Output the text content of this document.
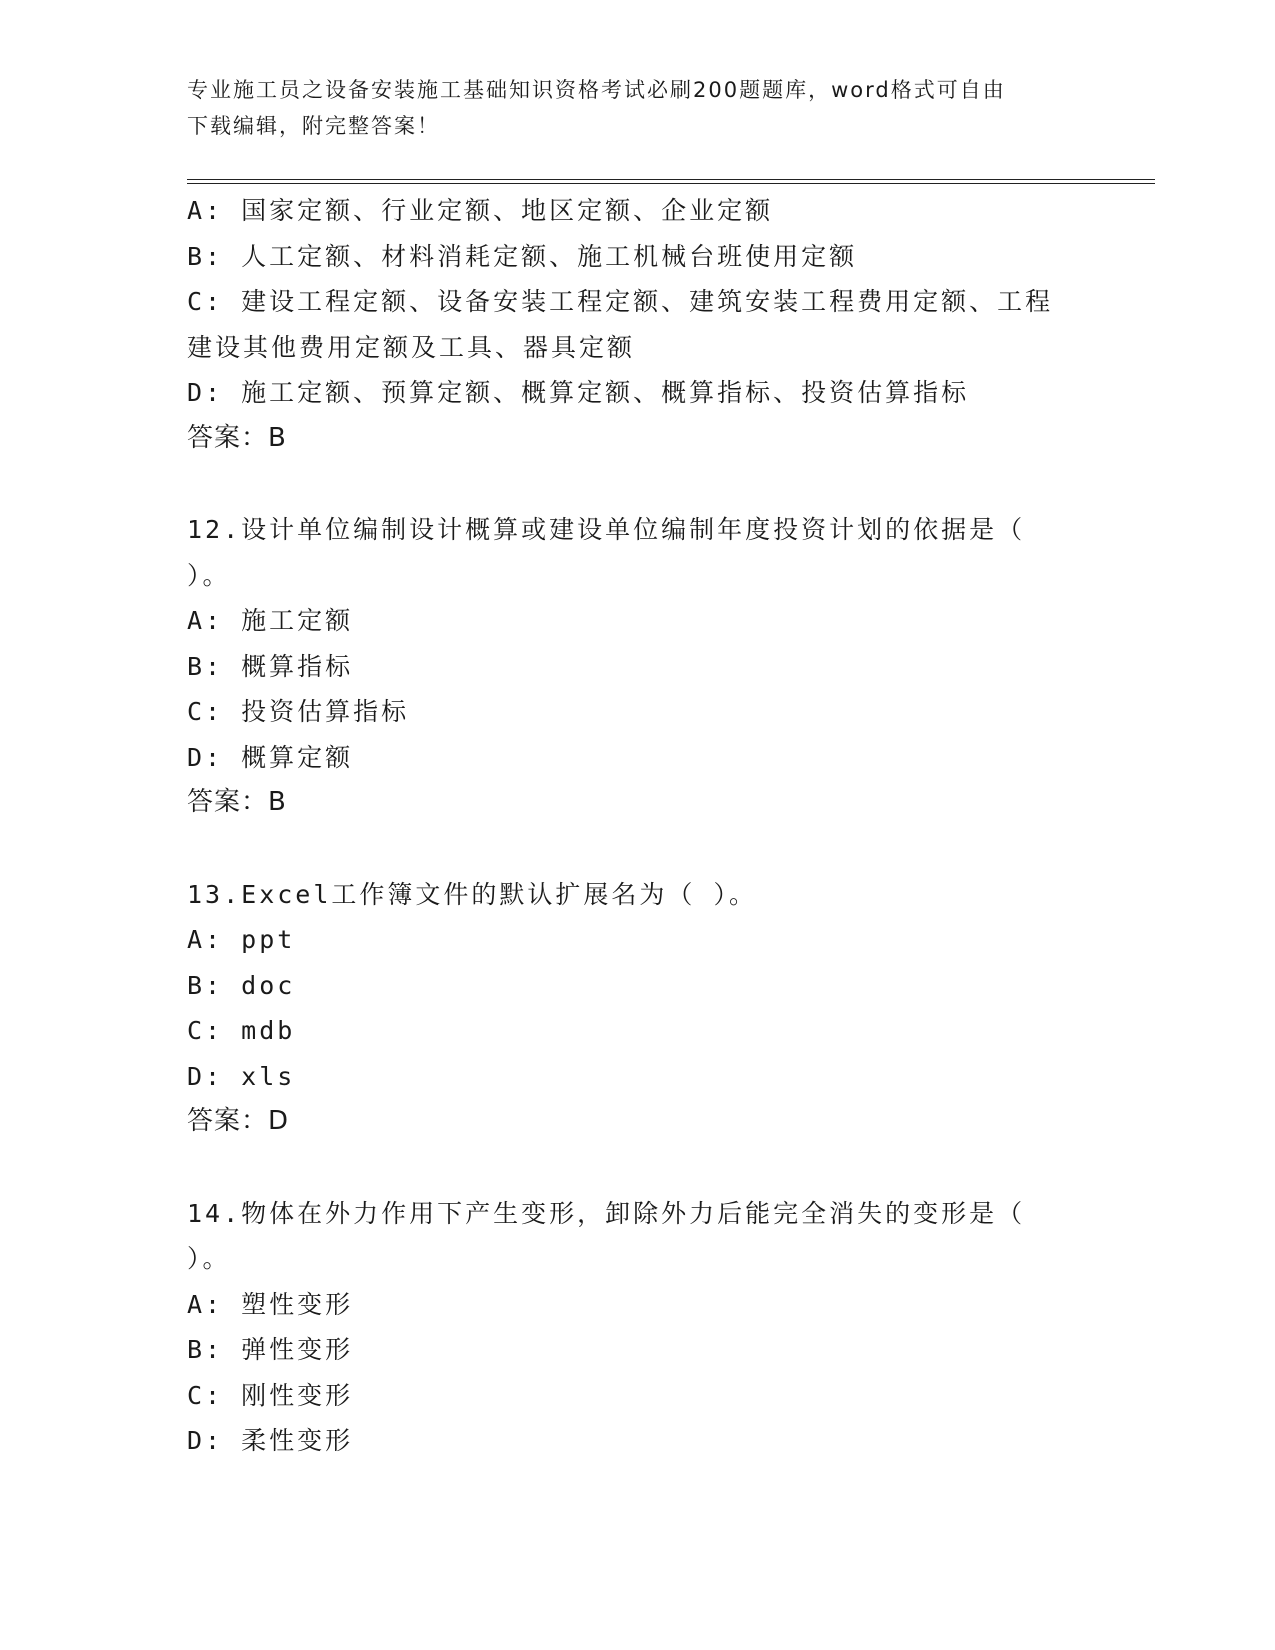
专业施工员之设备安装施工基础知识资格考试必刷200题题库，word格式可自由
下载编辑，附完整答案！
A: 国家定额、行业定额、地区定额、企业定额
B: 人工定额、材料消耗定额、施工机械台班使用定额
C: 建设工程定额、设备安装工程定额、建筑安装工程费用定额、工程
建设其他费用定额及工具、器具定额
D: 施工定额、预算定额、概算定额、概算指标、投资估算指标
答案：B
12.设计单位编制设计概算或建设单位编制年度投资计划的依据是（
）。
A: 施工定额
B: 概算指标
C: 投资估算指标
D: 概算定额
答案：B
13.Excel工作簿文件的默认扩展名为（ ）。
A: ppt
B: doc
C: mdb
D: xls
答案：D
14.物体在外力作用下产生变形，卸除外力后能完全消失的变形是（
）。
A: 塑性变形
B: 弹性变形
C: 刚性变形
D: 柔性变形
